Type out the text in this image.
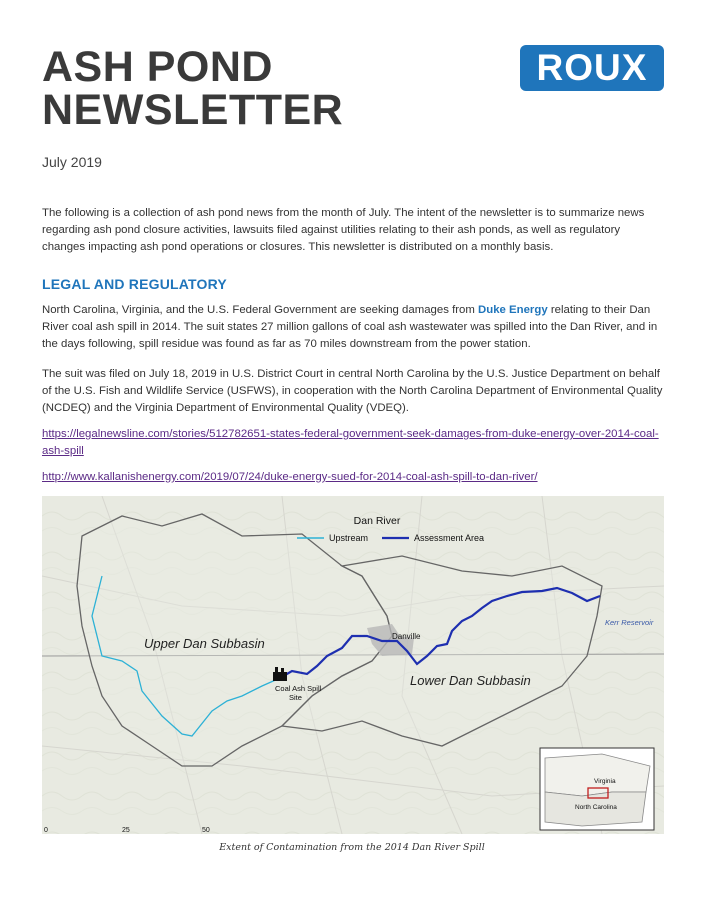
ASH POND
NEWSLETTER
ROUX
July 2019

The following is a collection of ash pond news from the month of July. The intent of the newsletter is to summarize news regarding ash pond closure activities, lawsuits filed against utilities relating to their ash ponds, as well as regulatory changes impacting ash pond operations or closures. This newsletter is distributed on a monthly basis.

LEGAL AND REGULATORY

North Carolina, Virginia, and the U.S. Federal Government are seeking damages from Duke Energy relating to their Dan River coal ash spill in 2014. The suit states 27 million gallons of coal ash wastewater was spilled into the Dan River, and in the days following, spill residue was found as far as 70 miles downstream from the power station.

The suit was filed on July 18, 2019 in U.S. District Court in central North Carolina by the U.S. Justice Department on behalf of the U.S. Fish and Wildlife Service (USFWS), in cooperation with the North Carolina Department of Environmental Quality (NCDEQ) and the Virginia Department of Environmental Quality (VDEQ).

https://legalnewsline.com/stories/512782651-states-federal-government-seek-damages-from-duke-energy-over-2014-coal-ash-spill
http://www.kallanishenergy.com/2019/07/24/duke-energy-sued-for-2014-coal-ash-spill-to-dan-river/
Dan River
Upstream	Assessment Area
Upper Dan Subbasin
Lower Dan Subbasin
Danville
Coal Ash Spill
Site
Kerr Reservoir
Virginia
North Carolina
0	25	50
Extent of Contamination from the 2014 Dan River Spill
